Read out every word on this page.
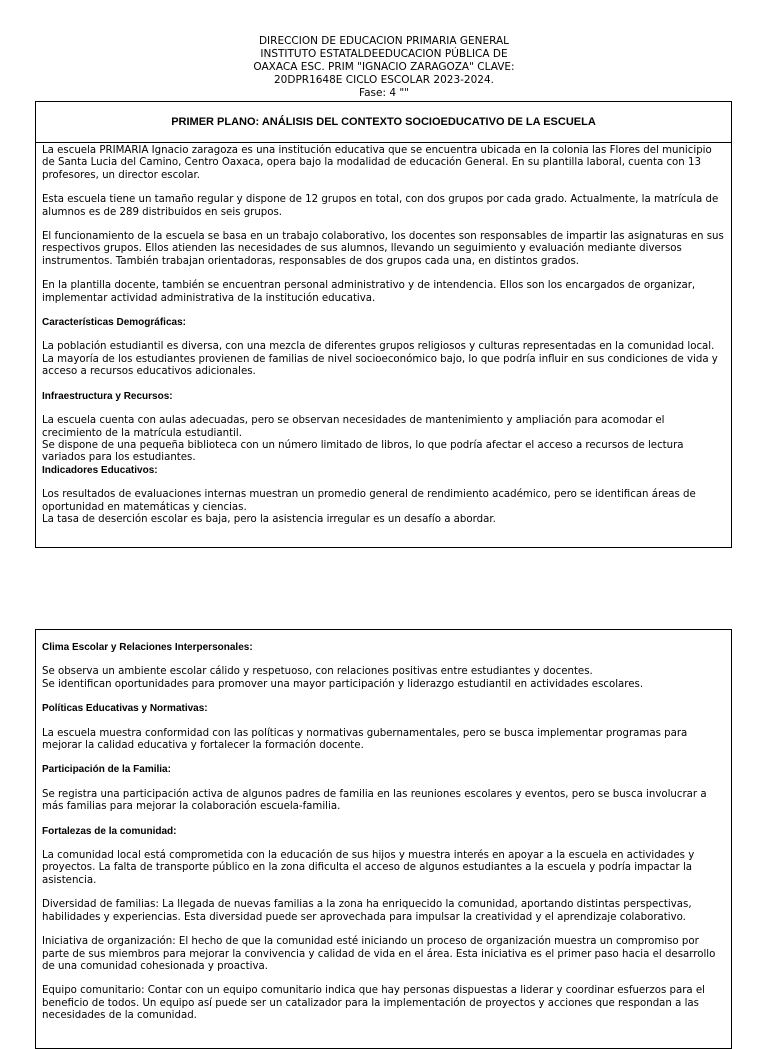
DIRECCION DE EDUCACION PRIMARIA GENERAL
INSTITUTO ESTATALDEEDUCACION PÚBLICA DE
OAXACA ESC. PRIM "IGNACIO ZARAGOZA" CLAVE:
20DPR1648E CICLO ESCOLAR 2023-2024.
Fase: 4 ""
PRIMER PLANO: ANÁLISIS DEL CONTEXTO SOCIOEDUCATIVO DE LA ESCUELA

La escuela PRIMARIA Ignacio zaragoza es una institución educativa que se encuentra ubicada en la colonia las Flores del municipio de Santa Lucia del Camino, Centro Oaxaca, opera bajo la modalidad de educación General. En su plantilla laboral, cuenta con 13 profesores, un director escolar.

Esta escuela tiene un tamaño regular y dispone de 12 grupos en total, con dos grupos por cada grado. Actualmente, la matrícula de alumnos es de 289 distribuidos en seis grupos.

El funcionamiento de la escuela se basa en un trabajo colaborativo, los docentes son responsables de impartir las asignaturas en sus respectivos grupos. Ellos atienden las necesidades de sus alumnos, llevando un seguimiento y evaluación mediante diversos instrumentos. También trabajan orientadoras, responsables de dos grupos cada una, en distintos grados.

En la plantilla docente, también se encuentran personal administrativo y de intendencia. Ellos son los encargados de organizar, implementar actividad administrativa de la institución educativa.

Características Demográficas:

La población estudiantil es diversa, con una mezcla de diferentes grupos religiosos y culturas representadas en la comunidad local.

La mayoría de los estudiantes provienen de familias de nivel socioeconómico bajo, lo que podría influir en sus condiciones de vida y acceso a recursos educativos adicionales.

Infraestructura y Recursos:

La escuela cuenta con aulas adecuadas, pero se observan necesidades de mantenimiento y ampliación para acomodar el crecimiento de la matrícula estudiantil.

Se dispone de una pequeña biblioteca con un número limitado de libros, lo que podría afectar el acceso a recursos de lectura variados para los estudiantes.

Indicadores Educativos:

Los resultados de evaluaciones internas muestran un promedio general de rendimiento académico, pero se identifican áreas de oportunidad en matemáticas y ciencias.

La tasa de deserción escolar es baja, pero la asistencia irregular es un desafío a abordar.

Clima Escolar y Relaciones Interpersonales:

Se observa un ambiente escolar cálido y respetuoso, con relaciones positivas entre estudiantes y docentes.

Se identifican oportunidades para promover una mayor participación y liderazgo estudiantil en actividades escolares.

Políticas Educativas y Normativas:

La escuela muestra conformidad con las políticas y normativas gubernamentales, pero se busca implementar programas para mejorar la calidad educativa y fortalecer la formación docente.

Participación de la Familia:

Se registra una participación activa de algunos padres de familia en las reuniones escolares y eventos, pero se busca involucrar a más familias para mejorar la colaboración escuela-familia.

Fortalezas de la comunidad:

La comunidad local está comprometida con la educación de sus hijos y muestra interés en apoyar a la escuela en actividades y proyectos. La falta de transporte público en la zona dificulta el acceso de algunos estudiantes a la escuela y podría impactar la asistencia.

Diversidad de familias: La llegada de nuevas familias a la zona ha enriquecido la comunidad, aportando distintas perspectivas, habilidades y experiencias. Esta diversidad puede ser aprovechada para impulsar la creatividad y el aprendizaje colaborativo.

Iniciativa de organización: El hecho de que la comunidad esté iniciando un proceso de organización muestra un compromiso por
parte de sus miembros para mejorar la convivencia y calidad de vida en el área. Esta iniciativa es el primer paso hacia el desarrollo
de una comunidad cohesionada y proactiva.

Equipo comunitario: Contar con un equipo comunitario indica que hay personas dispuestas a liderar y coordinar esfuerzos para el beneficio de todos. Un equipo así puede ser un catalizador para la implementación de proyectos y acciones que respondan a las necesidades de la comunidad.
